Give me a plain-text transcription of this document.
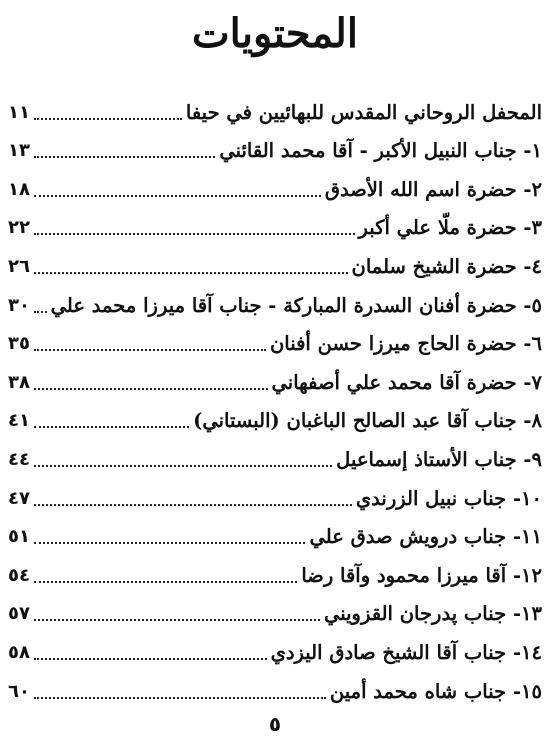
المحتويات
المحفل الروحاني المقدس للبهائيين في حيفا
١١
١- جناب النبيل الأكبر - آقا محمد القائني
١٣
٢- حضرة اسم الله الأصدق
١٨
٣- حضرة ملّا علي أكبر
٢٢
٤- حضرة الشيخ سلمان
٢٦
٥- حضرة أفنان السدرة المباركة - جناب آقا ميرزا محمد علي
٣٠
٦- حضرة الحاج ميرزا حسن أفنان
٣٥
٧- حضرة آقا محمد علي أصفهاني
٣٨
٨- جناب آقا عبد الصالح الباغبان (البستاني)
٤١
٩- جناب الأستاذ إسماعيل
٤٤
١٠- جناب نبيل الزرندي
٤٧
١١- جناب درويش صدق علي
٥١
١٢- آقا ميرزا محمود وآقا رضا
٥٤
١٣- جناب پدرجان القزويني
٥٧
١٤- جناب آقا الشيخ صادق اليزدي
٥٨
١٥- جناب شاه محمد أمين
٦٠
٥
